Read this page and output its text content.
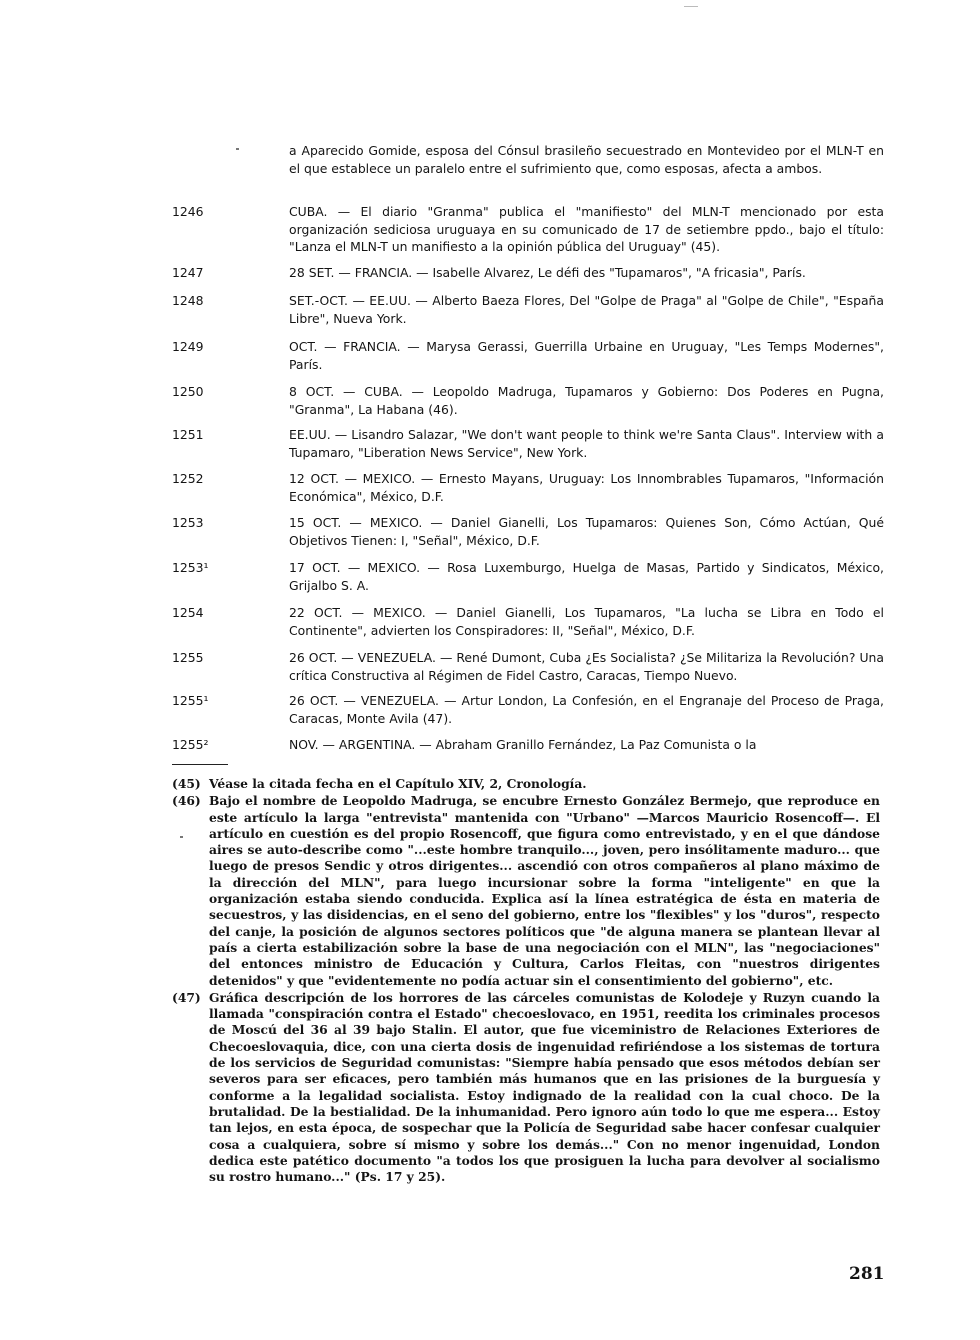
a Aparecido Gomide, esposa del Cónsul brasileño secuestrado en Montevideo por el MLN-T en el que establece un paralelo entre el sufrimiento que, como esposas, afecta a ambos.
1246	CUBA. — El diario "Granma" publica el "manifiesto" del MLN-T mencionado por esta organización sediciosa uruguaya en su comunicado de 17 de setiembre ppdo., bajo el título: "Lanza el MLN-T un manifiesto a la opinión pública del Uruguay" (45).
1247	28 SET. — FRANCIA. — Isabelle Alvarez, Le défi des "Tupamaros", "A fricasia", París.
1248	SET.-OCT. — EE.UU. — Alberto Baeza Flores, Del "Golpe de Praga" al "Golpe de Chile", "España Libre", Nueva York.
1249	OCT. — FRANCIA. — Marysa Gerassi, Guerrilla Urbaine en Uruguay, "Les Temps Modernes", París.
1250	8 OCT. — CUBA. — Leopoldo Madruga, Tupamaros y Gobierno: Dos Poderes en Pugna, "Granma", La Habana (46).
1251	EE.UU. — Lisandro Salazar, "We don't want people to think we're Santa Claus". Interview with a Tupamaro, "Liberation News Service", New York.
1252	12 OCT. — MEXICO. — Ernesto Mayans, Uruguay: Los Innombrables Tupamaros, "Información Económica", México, D.F.
1253	15 OCT. — MEXICO. — Daniel Gianelli, Los Tupamaros: Quienes Son, Cómo Actúan, Qué Objetivos Tienen: I, "Señal", México, D.F.
1253¹	17 OCT. — MEXICO. — Rosa Luxemburgo, Huelga de Masas, Partido y Sindicatos, México, Grijalbo S. A.
1254	22 OCT. — MEXICO. — Daniel Gianelli, Los Tupamaros, "La lucha se Libra en Todo el Continente", advierten los Conspiradores: II, "Señal", México, D.F.
1255	26 OCT. — VENEZUELA. — René Dumont, Cuba ¿Es Socialista? ¿Se Militariza la Revolución? Una crítica Constructiva al Régimen de Fidel Castro, Caracas, Tiempo Nuevo.
1255¹	26 OCT. — VENEZUELA. — Artur London, La Confesión, en el Engranaje del Proceso de Praga, Caracas, Monte Avila (47).
1255²	NOV. — ARGENTINA. — Abraham Granillo Fernández, La Paz Comunista o la
(45) Véase la citada fecha en el Capítulo XIV, 2, Cronología.
(46) Bajo el nombre de Leopoldo Madruga, se encubre Ernesto González Bermejo, que reproduce en este artículo la larga "entrevista" mantenida con "Urbano" —Marcos Mauricio Rosencoff—. El artículo en cuestión es del propio Rosencoff, que figura como entrevistado, y en el que dándose aires se auto-describe como "...este hombre tranquilo..., joven, pero insólitamente maduro... que luego de presos Sendic y otros dirigentes... ascendió con otros compañeros al plano máximo de la dirección del MLN", para luego incursionar sobre la forma "inteligente" en que la organización estaba siendo conducida. Explica así la línea estratégica de ésta en materia de secuestros, y las disidencias, en el seno del gobierno, entre los "flexibles" y los "duros", respecto del canje, la posición de algunos sectores políticos que "de alguna manera se plantean llevar al país a cierta estabilización sobre la base de una negociación con el MLN", las "negociaciones" del entonces ministro de Educación y Cultura, Carlos Fleitas, con "nuestros dirigentes detenidos" y que "evidentemente no podía actuar sin el consentimiento del gobierno", etc.
(47) Gráfica descripción de los horrores de las cárceles comunistas de Kolodeje y Ruzyn cuando la llamada "conspiración contra el Estado" checoeslovaco, en 1951, reedita los criminales procesos de Moscú del 36 al 39 bajo Stalin. El autor, que fue viceministro de Relaciones Exteriores de Checoeslovaquia, dice, con una cierta dosis de ingenuidad refiriéndose a los sistemas de tortura de los servicios de Seguridad comunistas: "Siempre había pensado que esos métodos debían ser severos para ser eficaces, pero también más humanos que en las prisiones de la burguesía y conforme a la legalidad socialista. Estoy indignado de la realidad con la cual choco. De la brutalidad. De la bestialidad. De la inhumanidad. Pero ignoro aún todo lo que me espera... Estoy tan lejos, en esta época, de sospechar que la Policía de Seguridad sabe hacer confesar cualquier cosa a cualquiera, sobre sí mismo y sobre los demás..." Con no menor ingenuidad, London dedica este patético documento "a todos los que prosiguen la lucha para devolver al socialismo su rostro humano..." (Ps. 17 y 25).
281
